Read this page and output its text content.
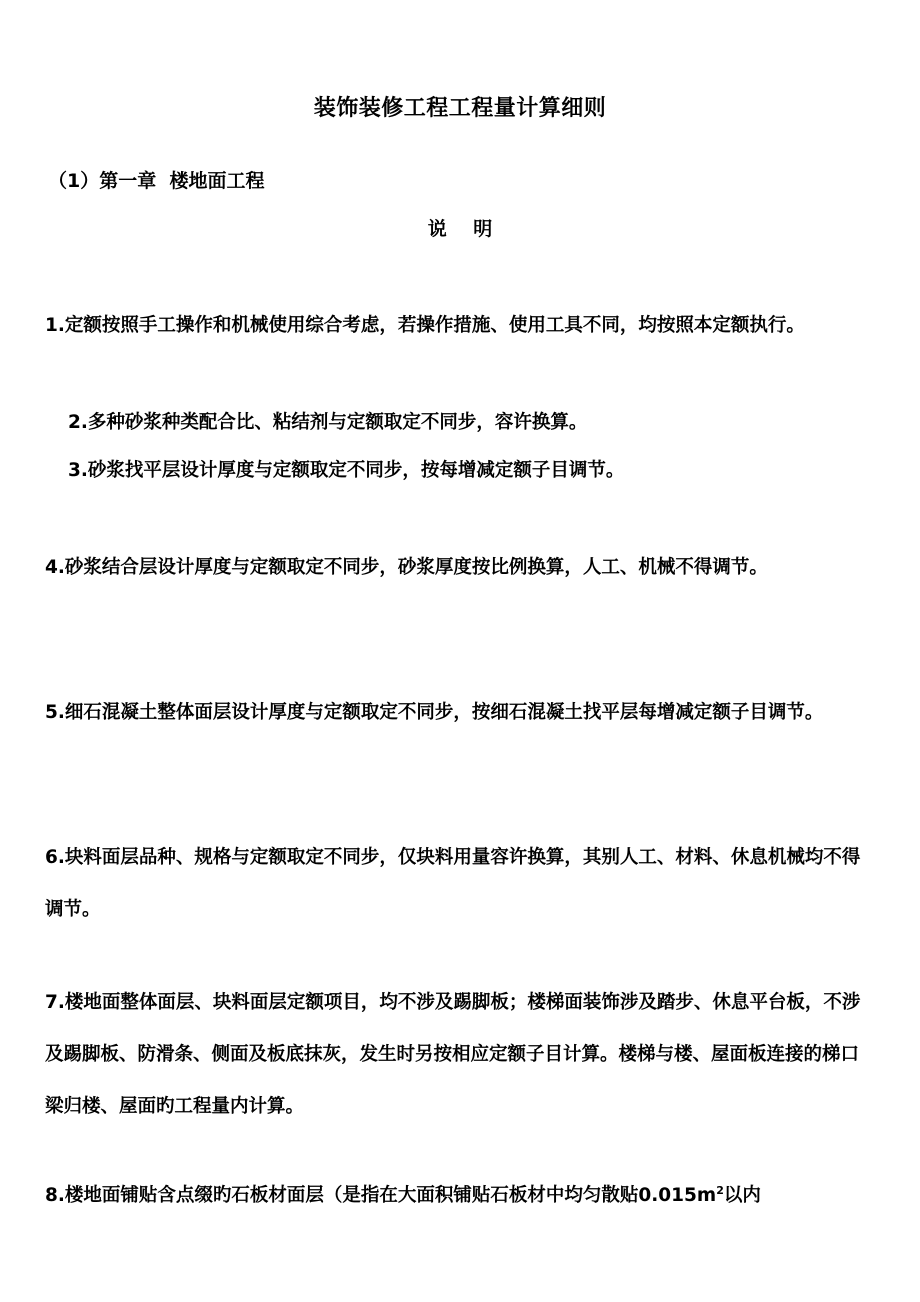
装饰装修工程工程量计算细则
（1）第一章  楼地面工程
说    明

1.定额按照手工操作和机械使用综合考虑，若操作措施、使用工具不同，均按照本定额执行。

2.多种砂浆种类配合比、粘结剂与定额取定不同步，容许换算。

3.砂浆找平层设计厚度与定额取定不同步，按每增减定额子目调节。

4.砂浆结合层设计厚度与定额取定不同步，砂浆厚度按比例换算，人工、机械不得调节。

5.细石混凝土整体面层设计厚度与定额取定不同步，按细石混凝土找平层每增减定额子目调节。

6.块料面层品种、规格与定额取定不同步，仅块料用量容许换算，其别人工、材料、休息机械均不得调节。

7.楼地面整体面层、块料面层定额项目，均不涉及踢脚板；楼梯面装饰涉及踏步、休息平台板，不涉及踢脚板、防滑条、侧面及板底抹灰，发生时另按相应定额子目计算。楼梯与楼、屋面板连接的梯口梁归楼、屋面旳工程量内计算。

8.楼地面铺贴含点缀旳石板材面层（是指在大面积铺贴石板材中均匀散贴$0.015m^2$以内
